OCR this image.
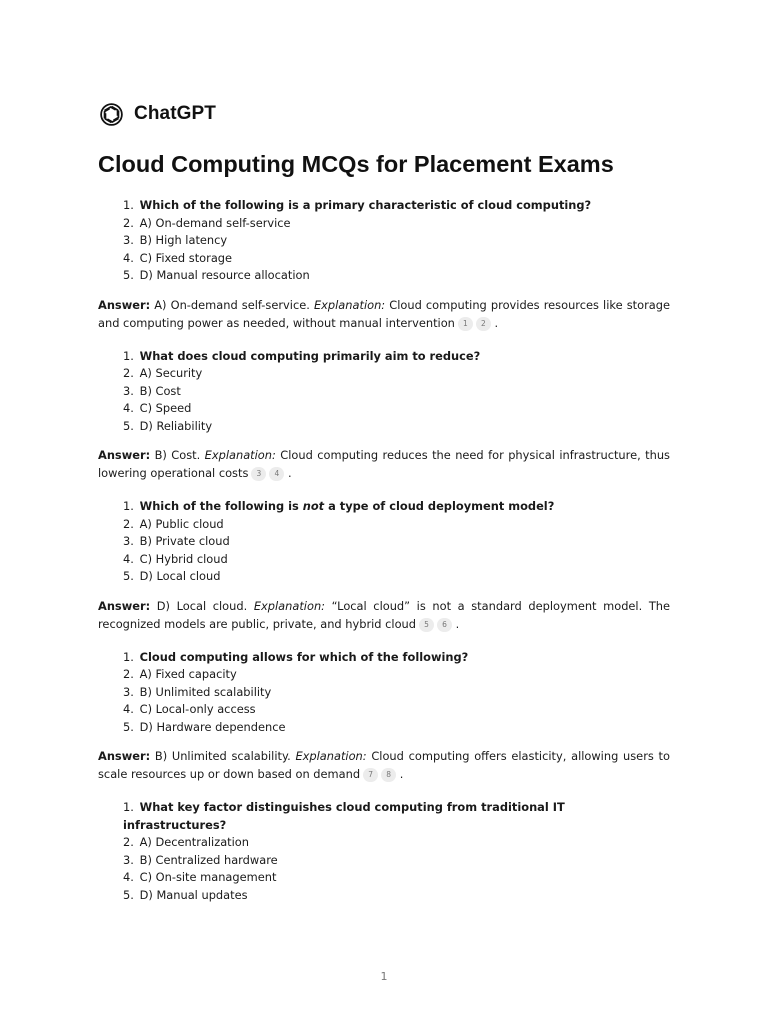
ChatGPT
Cloud Computing MCQs for Placement Exams
1. Which of the following is a primary characteristic of cloud computing?
2. A) On-demand self-service
3. B) High latency
4. C) Fixed storage
5. D) Manual resource allocation

Answer: A) On-demand self-service. Explanation: Cloud computing provides resources like storage and computing power as needed, without manual intervention 1 2 .

1. What does cloud computing primarily aim to reduce?
2. A) Security
3. B) Cost
4. C) Speed
5. D) Reliability

Answer: B) Cost. Explanation: Cloud computing reduces the need for physical infrastructure, thus lowering operational costs 3 4 .

1. Which of the following is not a type of cloud deployment model?
2. A) Public cloud
3. B) Private cloud
4. C) Hybrid cloud
5. D) Local cloud

Answer: D) Local cloud. Explanation: “Local cloud” is not a standard deployment model. The recognized models are public, private, and hybrid cloud 5 6 .

1. Cloud computing allows for which of the following?
2. A) Fixed capacity
3. B) Unlimited scalability
4. C) Local-only access
5. D) Hardware dependence

Answer: B) Unlimited scalability. Explanation: Cloud computing offers elasticity, allowing users to scale resources up or down based on demand 7 8 .

1. What key factor distinguishes cloud computing from traditional IT infrastructures?
2. A) Decentralization
3. B) Centralized hardware
4. C) On-site management
5. D) Manual updates
1
